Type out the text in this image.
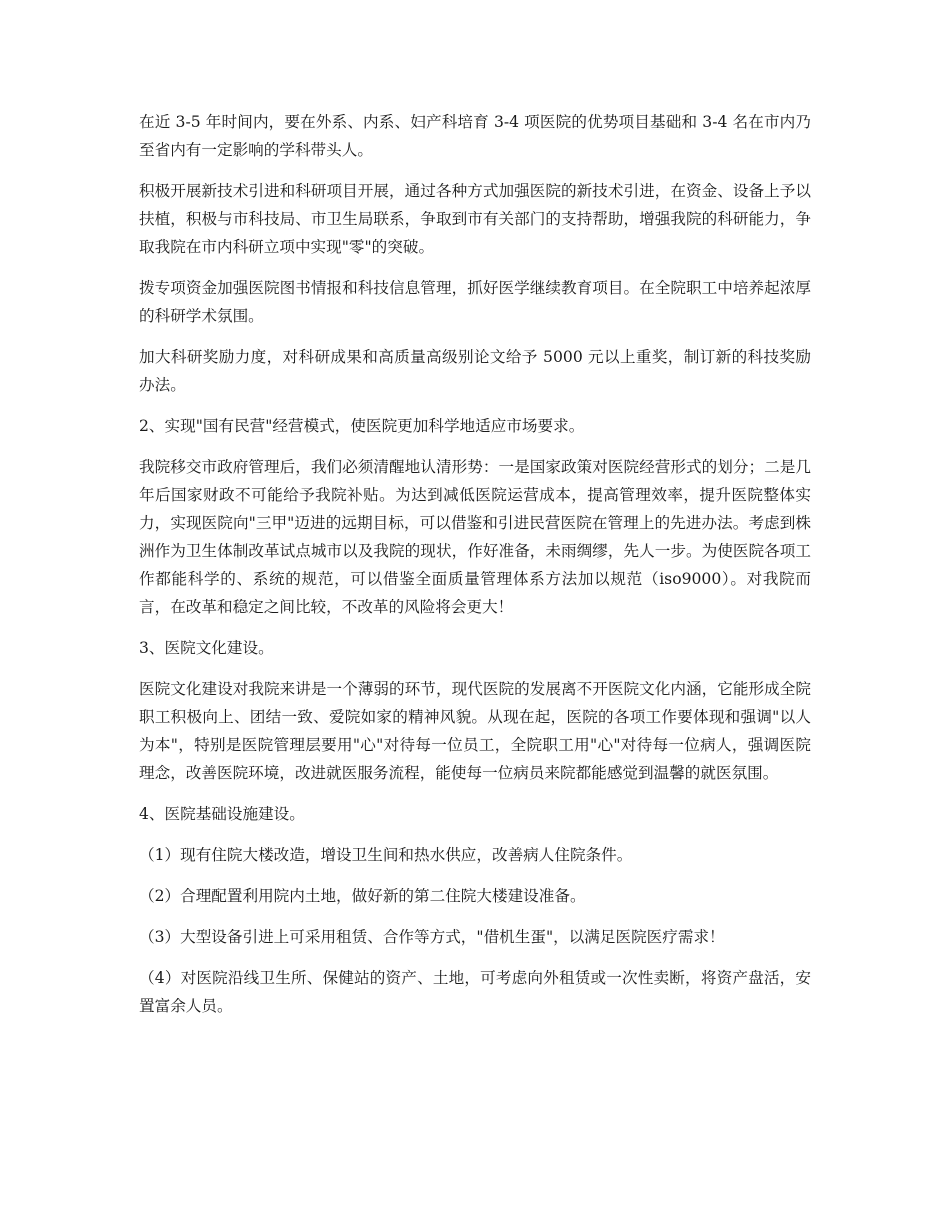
在近 3-5 年时间内，要在外系、内系、妇产科培育 3-4 项医院的优势项目基础和 3-4 名在市内乃至省内有一定影响的学科带头人。

积极开展新技术引进和科研项目开展，通过各种方式加强医院的新技术引进，在资金、设备上予以扶植，积极与市科技局、市卫生局联系，争取到市有关部门的支持帮助，增强我院的科研能力，争取我院在市内科研立项中实现"零"的突破。

拨专项资金加强医院图书情报和科技信息管理，抓好医学继续教育项目。在全院职工中培养起浓厚的科研学术氛围。

加大科研奖励力度，对科研成果和高质量高级别论文给予 5000 元以上重奖，制订新的科技奖励办法。

2、实现"国有民营"经营模式，使医院更加科学地适应市场要求。

我院移交市政府管理后，我们必须清醒地认清形势：一是国家政策对医院经营形式的划分；二是几年后国家财政不可能给予我院补贴。为达到减低医院运营成本，提高管理效率，提升医院整体实力，实现医院向"三甲"迈进的远期目标，可以借鉴和引进民营医院在管理上的先进办法。考虑到株洲作为卫生体制改革试点城市以及我院的现状，作好准备，未雨绸缪，先人一步。为使医院各项工作都能科学的、系统的规范，可以借鉴全面质量管理体系方法加以规范（iso9000）。对我院而言，在改革和稳定之间比较，不改革的风险将会更大！

3、医院文化建设。

医院文化建设对我院来讲是一个薄弱的环节，现代医院的发展离不开医院文化内涵，它能形成全院职工积极向上、团结一致、爱院如家的精神风貌。从现在起，医院的各项工作要体现和强调"以人为本"，特别是医院管理层要用"心"对待每一位员工，全院职工用"心"对待每一位病人，强调医院理念，改善医院环境，改进就医服务流程，能使每一位病员来院都能感觉到温馨的就医氛围。

4、医院基础设施建设。

（1）现有住院大楼改造，增设卫生间和热水供应，改善病人住院条件。

（2）合理配置利用院内土地，做好新的第二住院大楼建设准备。

（3）大型设备引进上可采用租赁、合作等方式，"借机生蛋"，以满足医院医疗需求！

（4）对医院沿线卫生所、保健站的资产、土地，可考虑向外租赁或一次性卖断，将资产盘活，安置富余人员。
